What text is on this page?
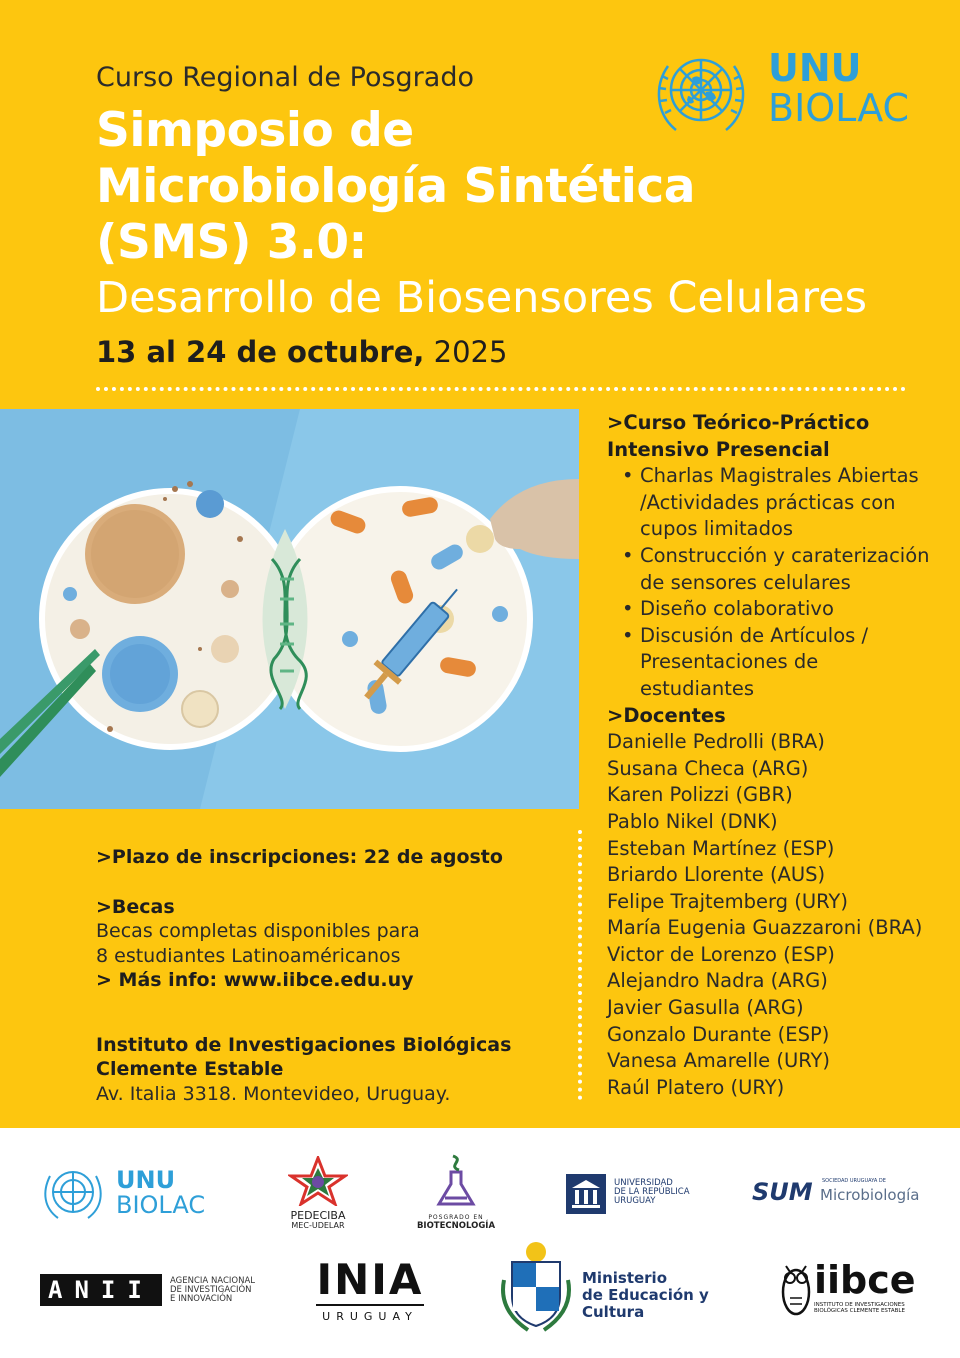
Curso Regional de Posgrado
Simposio de
Microbiología Sintética
(SMS) 3.0:
Desarrollo de Biosensores Celulares
13 al 24 de octubre, 2025
UNU
BIOLAC
>Curso Teórico-Práctico
Intensivo Presencial
• Charlas Magistrales Abiertas
/Actividades prácticas con
cupos limitados
• Construcción y caraterización
de sensores celulares
• Diseño colaborativo
• Discusión de Artículos /
Presentaciones de
estudiantes
>Docentes
Danielle Pedrolli (BRA)
Susana Checa (ARG)
Karen Polizzi (GBR)
Pablo Nikel (DNK)
Esteban Martínez (ESP)
Briardo Llorente (AUS)
Felipe Trajtemberg (URY)
María Eugenia Guazzaroni (BRA)
Victor de Lorenzo (ESP)
Alejandro Nadra (ARG)
Javier Gasulla (ARG)
Gonzalo Durante (ESP)
Vanesa Amarelle (URY)
Raúl Platero (URY)
>Plazo de inscripciones: 22 de agosto
>Becas
Becas completas disponibles para
8 estudiantes Latinoaméricanos
> Más info: www.iibce.edu.uy
Instituto de Investigaciones Biológicas
Clemente Estable
Av. Italia 3318. Montevideo, Uruguay.
UNU
BIOLAC	PEDECIBA
MEC-UDELAR
POSGRADO EN
BIOTECNOLOGÍA
UNIVERSIDAD
DE LA REPÚBLICA
URUGUAY	SUM SOCIEDAD URUGUAYA DE
Microbiología
ANII	AGENCIA NACIONAL
DE INVESTIGACIÓN
E INNOVACIÓN	INIA
URUGUAY
Ministerio
de Educación y Cultura
iibce
INSTITUTO DE INVESTIGACIONES
BIOLÓGICAS CLEMENTE ESTABLE
